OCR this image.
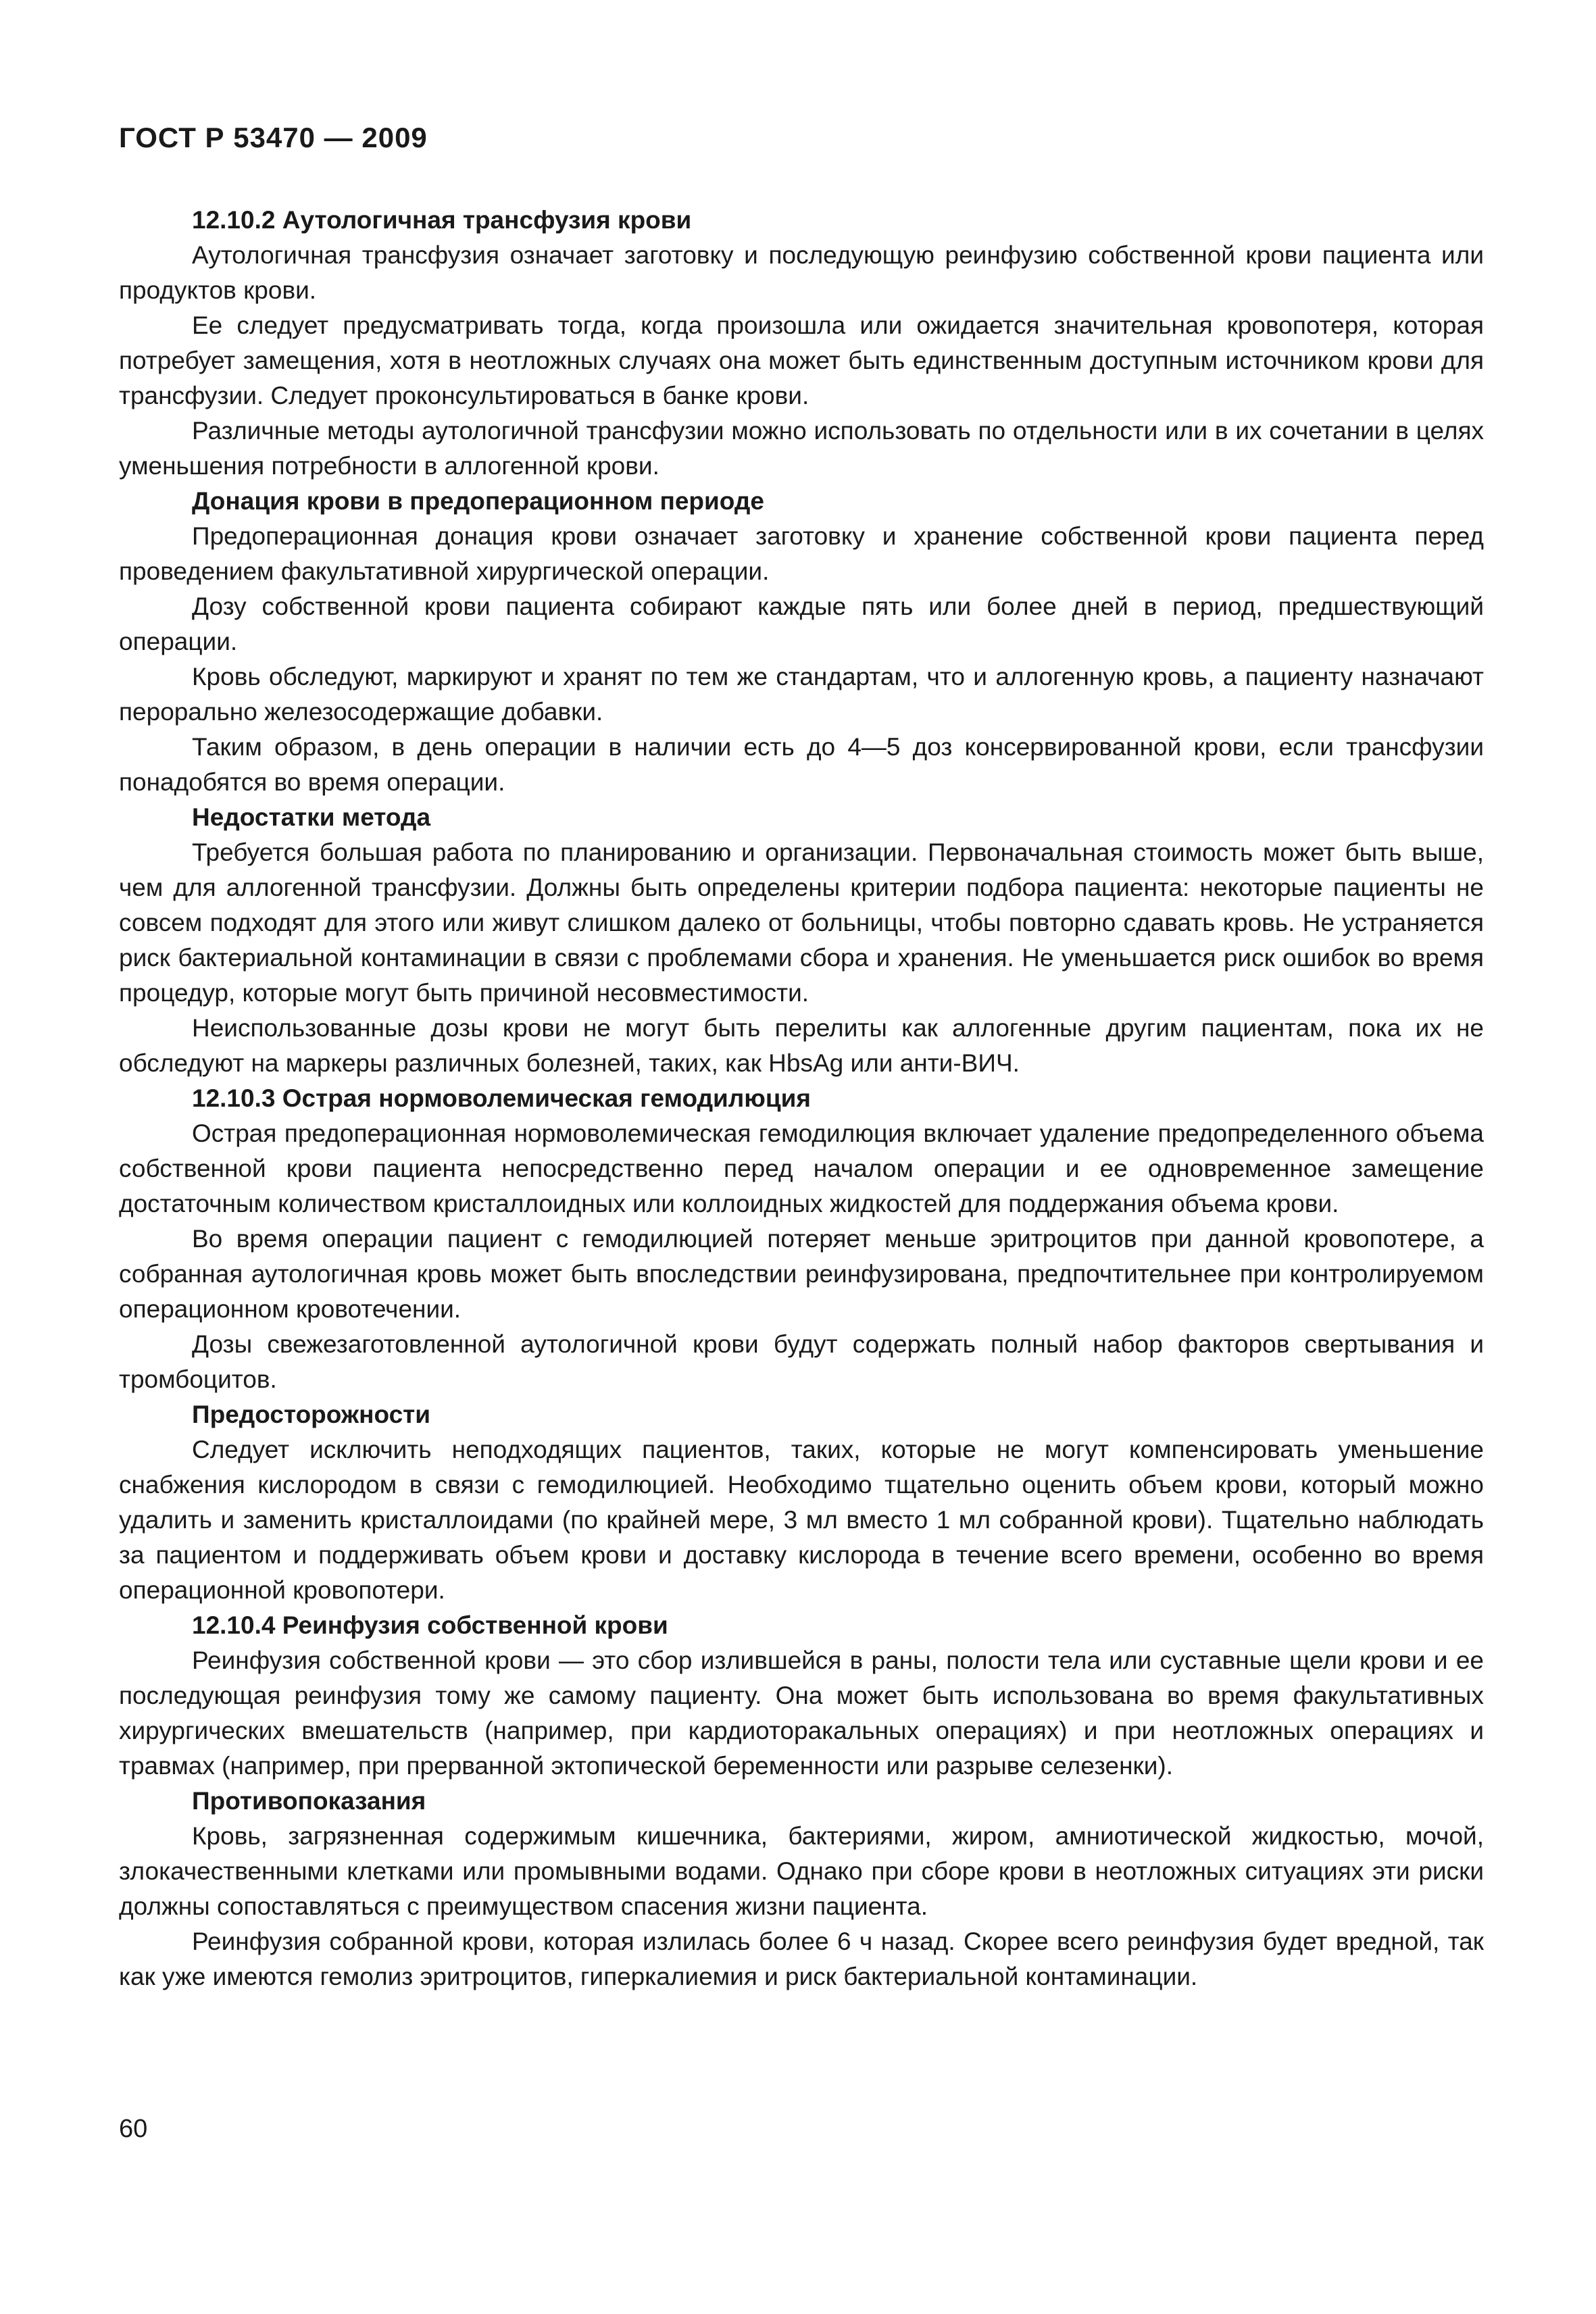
ГОСТ Р 53470 — 2009
12.10.2 Аутологичная трансфузия крови

Аутологичная трансфузия означает заготовку и последующую реинфузию собственной крови пациента или продуктов крови.

Ее следует предусматривать тогда, когда произошла или ожидается значительная кровопотеря, которая потребует замещения, хотя в неотложных случаях она может быть единственным доступным источником крови для трансфузии. Следует проконсультироваться в банке крови.

Различные методы аутологичной трансфузии можно использовать по отдельности или в их сочетании в целях уменьшения потребности в аллогенной крови.

Донация крови в предоперационном периоде

Предоперационная донация крови означает заготовку и хранение собственной крови пациента перед проведением факультативной хирургической операции.

Дозу собственной крови пациента собирают каждые пять или более дней в период, предшествующий операции.

Кровь обследуют, маркируют и хранят по тем же стандартам, что и аллогенную кровь, а пациенту назначают перорально железосодержащие добавки.

Таким образом, в день операции в наличии есть до 4—5 доз консервированной крови, если трансфузии понадобятся во время операции.

Недостатки метода

Требуется большая работа по планированию и организации. Первоначальная стоимость может быть выше, чем для аллогенной трансфузии. Должны быть определены критерии подбора пациента: некоторые пациенты не совсем подходят для этого или живут слишком далеко от больницы, чтобы повторно сдавать кровь. Не устраняется риск бактериальной контаминации в связи с проблемами сбора и хранения. Не уменьшается риск ошибок во время процедур, которые могут быть причиной несовместимости.

Неиспользованные дозы крови не могут быть перелиты как аллогенные другим пациентам, пока их не обследуют на маркеры различных болезней, таких, как HbsAg или анти-ВИЧ.

12.10.3 Острая нормоволемическая гемодилюция

Острая предоперационная нормоволемическая гемодилюция включает удаление предопределенного объема собственной крови пациента непосредственно перед началом операции и ее одновременное замещение достаточным количеством кристаллоидных или коллоидных жидкостей для поддержания объема крови.

Во время операции пациент с гемодилюцией потеряет меньше эритроцитов при данной кровопотере, а собранная аутологичная кровь может быть впоследствии реинфузирована, предпочтительнее при контролируемом операционном кровотечении.

Дозы свежезаготовленной аутологичной крови будут содержать полный набор факторов свертывания и тромбоцитов.

Предосторожности

Следует исключить неподходящих пациентов, таких, которые не могут компенсировать уменьшение снабжения кислородом в связи с гемодилюцией. Необходимо тщательно оценить объем крови, который можно удалить и заменить кристаллоидами (по крайней мере, 3 мл вместо 1 мл собранной крови). Тщательно наблюдать за пациентом и поддерживать объем крови и доставку кислорода в течение всего времени, особенно во время операционной кровопотери.

12.10.4 Реинфузия собственной крови

Реинфузия собственной крови — это сбор излившейся в раны, полости тела или суставные щели крови и ее последующая реинфузия тому же самому пациенту. Она может быть использована во время факультативных хирургических вмешательств (например, при кардиоторакальных операциях) и при неотложных операциях и травмах (например, при прерванной эктопической беременности или разрыве селезенки).

Противопоказания

Кровь, загрязненная содержимым кишечника, бактериями, жиром, амниотической жидкостью, мочой, злокачественными клетками или промывными водами. Однако при сборе крови в неотложных ситуациях эти риски должны сопоставляться с преимуществом спасения жизни пациента.

Реинфузия собранной крови, которая излилась более 6 ч назад. Скорее всего реинфузия будет вредной, так как уже имеются гемолиз эритроцитов, гиперкалиемия и риск бактериальной контаминации.

60
